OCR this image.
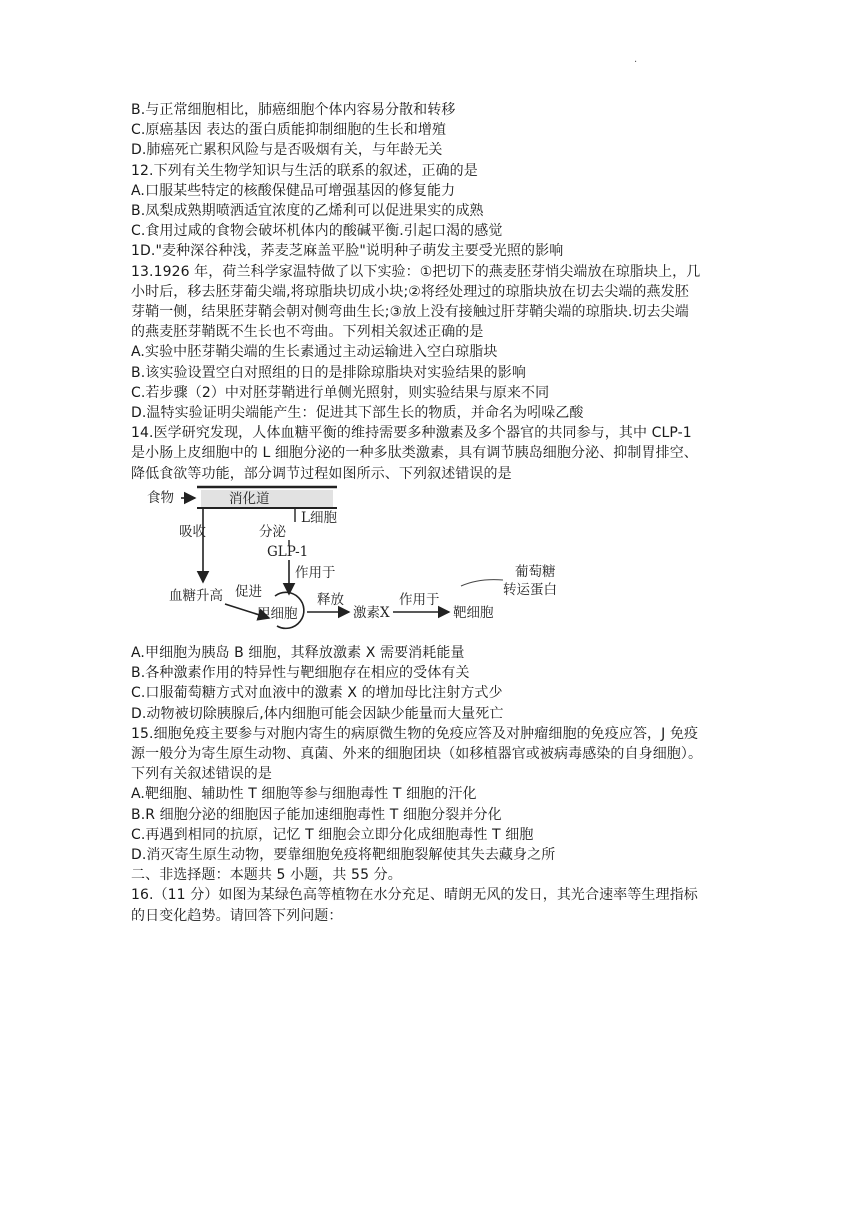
.
B.与正常细胞相比，肺癌细胞个体内容易分散和转移
C.原癌基因 表达的蛋白质能抑制细胞的生长和增殖
D.肺癌死亡累积风险与是否吸烟有关，与年龄无关
12.下列有关生物学知识与生活的联系的叙述，正确的是
A.口服某些特定的核酸保健品可增强基因的修复能力
B.凤梨成熟期喷洒适宜浓度的乙烯利可以促进果实的成熟
C.食用过咸的食物会破坏机体内的酸碱平衡.引起口渴的感觉
1D."麦种深谷种浅，荞麦芝麻盖平脸"说明种子萌发主要受光照的影响
13.1926 年，荷兰科学家温特做了以下实验：①把切下的燕麦胚芽悄尖端放在琼脂块上，几
小时后，移去胚芽葡尖端,将琼脂块切成小块;②将经处理过的琼脂块放在切去尖端的燕发胚
芽鞘一侧，结果胚芽鞘会朝对侧弯曲生长;③放上没有接触过肝芽鞘尖端的琼脂块.切去尖端
的燕麦胚芽鞘既不生长也不弯曲。下列相关叙述正确的是
A.实验中胚芽鞘尖端的生长素通过主动运输进入空白琼脂块
B.该实验设置空白对照组的日的是排除琼脂块对实验结果的影响
C.若步骤（2）中对胚芽鞘进行单侧光照射，则实验结果与原来不同
D.温特实验证明尖端能产生：促进其下部生长的物质，并命名为吲哚乙酸
14.医学研究发现，人体血糖平衡的维持需要多种激素及多个器官的共同参与，其中 CLP-1
是小肠上皮细胞中的 L 细胞分泌的一种多肽类激素，具有调节胰岛细胞分泌、抑制胃排空、
降低食欲等功能，部分调节过程如图所示、下列叙述错误的是
食物	消化道
吸收	分泌
L细胞
GLP-1
作用于
血糖升高 促进
甲细胞
释放
激素X
作用于
靶细胞
葡萄糖
转运蛋白
A.甲细胞为胰岛 B 细胞，其释放激素 X 需要消耗能量
B.各种激素作用的特异性与靶细胞存在相应的受体有关
C.口服葡萄糖方式对血液中的激素 X 的增加母比注射方式少
D.动物被切除胰腺后,体内细胞可能会因缺少能量而大量死亡
15.细胞免疫主要参与对胞内寄生的病原微生物的免疫应答及对肿瘤细胞的免疫应答，J 免疫
源一般分为寄生原生动物、真菌、外来的细胞团块（如移植器官或被病毒感染的自身细胞）。
下列有关叙述错误的是
A.靶细胞、辅助性 T 细胞等参与细胞毒性 T 细胞的汗化
B.R 细胞分泌的细胞因子能加速细胞毒性 T 细胞分裂并分化
C.再遇到相同的抗原，记忆 T 细胞会立即分化成细胞毒性 T 细胞
D.消灭寄生原生动物，要靠细胞免疫将靶细胞裂解使其失去藏身之所
二、非选择题：本题共 5 小题，共 55 分。
16.（11 分）如图为某绿色高等植物在水分充足、晴朗无风的发日，其光合速率等生理指标
的日变化趋势。请回答下列问题：
